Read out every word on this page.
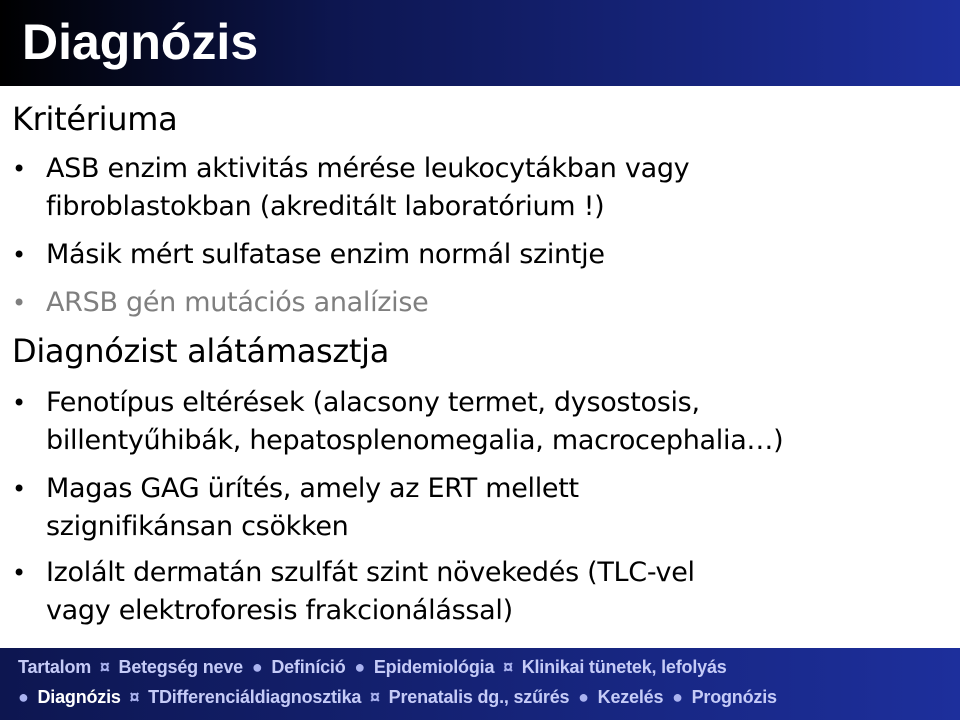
Diagnózis
Kritériuma
• ASB enzim aktivitás mérése leukocytákban vagy
fibroblastokban (akreditált laboratórium !)
• Másik mért sulfatase enzim normál szintje
• ARSB gén mutációs analízise
Diagnózist alátámasztja
• Fenotípus eltérések (alacsony termet, dysostosis,
billentyűhibák, hepatosplenomegalia, macrocephalia…)
• Magas GAG ürítés, amely az ERT mellett
szignifikánsan csökken
• Izolált dermatán szulfát szint növekedés (TLC-vel
vagy elektroforesis frakcionálással)
Tartalom ¤ Betegség neve ● Definíció ● Epidemiológia ¤ Klinikai tünetek, lefolyás
● Diagnózis ¤ TDifferenciáldiagnosztika ¤ Prenatalis dg., szűrés ● Kezelés ● Prognózis
